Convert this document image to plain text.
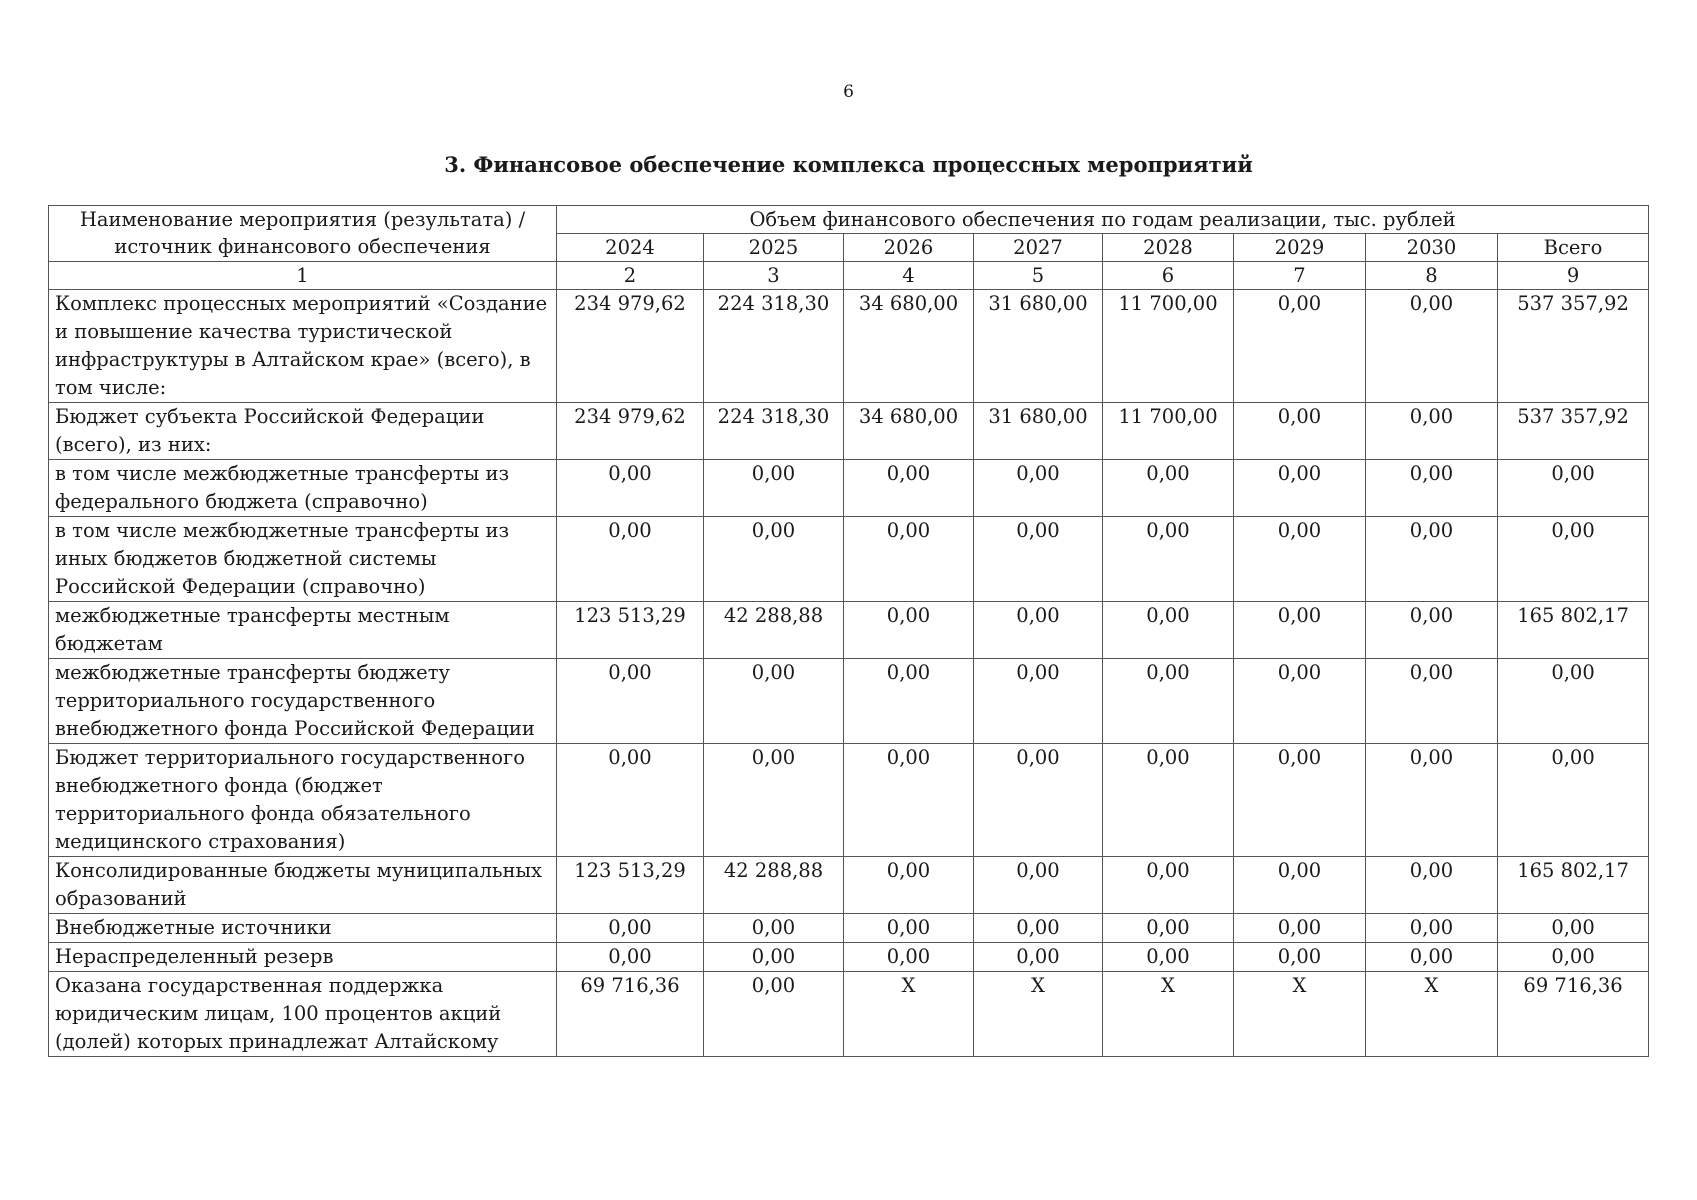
6
3. Финансовое обеспечение комплекса процессных мероприятий
Наименование мероприятия (результата) / источник финансового обеспечения	Объем финансового обеспечения по годам реализации, тыс. рублей							
	2024	2025	2026	2027	2028	2029	2030	Всего
1	2	3	4	5	6	7	8	9
Комплекс процессных мероприятий «Создание и повышение качества туристической инфраструктуры в Алтайском крае» (всего), в том числе:	234 979,62	224 318,30	34 680,00	31 680,00	11 700,00	0,00	0,00	537 357,92
Бюджет субъекта Российской Федерации (всего), из них:	234 979,62	224 318,30	34 680,00	31 680,00	11 700,00	0,00	0,00	537 357,92
в том числе межбюджетные трансферты из федерального бюджета (справочно)	0,00	0,00	0,00	0,00	0,00	0,00	0,00	0,00
в том числе межбюджетные трансферты из иных бюджетов бюджетной системы Российской Федерации (справочно)	0,00	0,00	0,00	0,00	0,00	0,00	0,00	0,00
межбюджетные трансферты местным бюджетам	123 513,29	42 288,88	0,00	0,00	0,00	0,00	0,00	165 802,17
межбюджетные трансферты бюджету территориального государственного внебюджетного фонда Российской Федерации	0,00	0,00	0,00	0,00	0,00	0,00	0,00	0,00
Бюджет территориального государственного внебюджетного фонда (бюджет территориального фонда обязательного медицинского страхования)	0,00	0,00	0,00	0,00	0,00	0,00	0,00	0,00
Консолидированные бюджеты муниципальных образований	123 513,29	42 288,88	0,00	0,00	0,00	0,00	0,00	165 802,17
Внебюджетные источники	0,00	0,00	0,00	0,00	0,00	0,00	0,00	0,00
Нераспределенный резерв	0,00	0,00	0,00	0,00	0,00	0,00	0,00	0,00
Оказана государственная поддержка юридическим лицам, 100 процентов акций (долей) которых принадлежат Алтайскому	69 716,36	0,00	X	X	X	X	X	69 716,36
